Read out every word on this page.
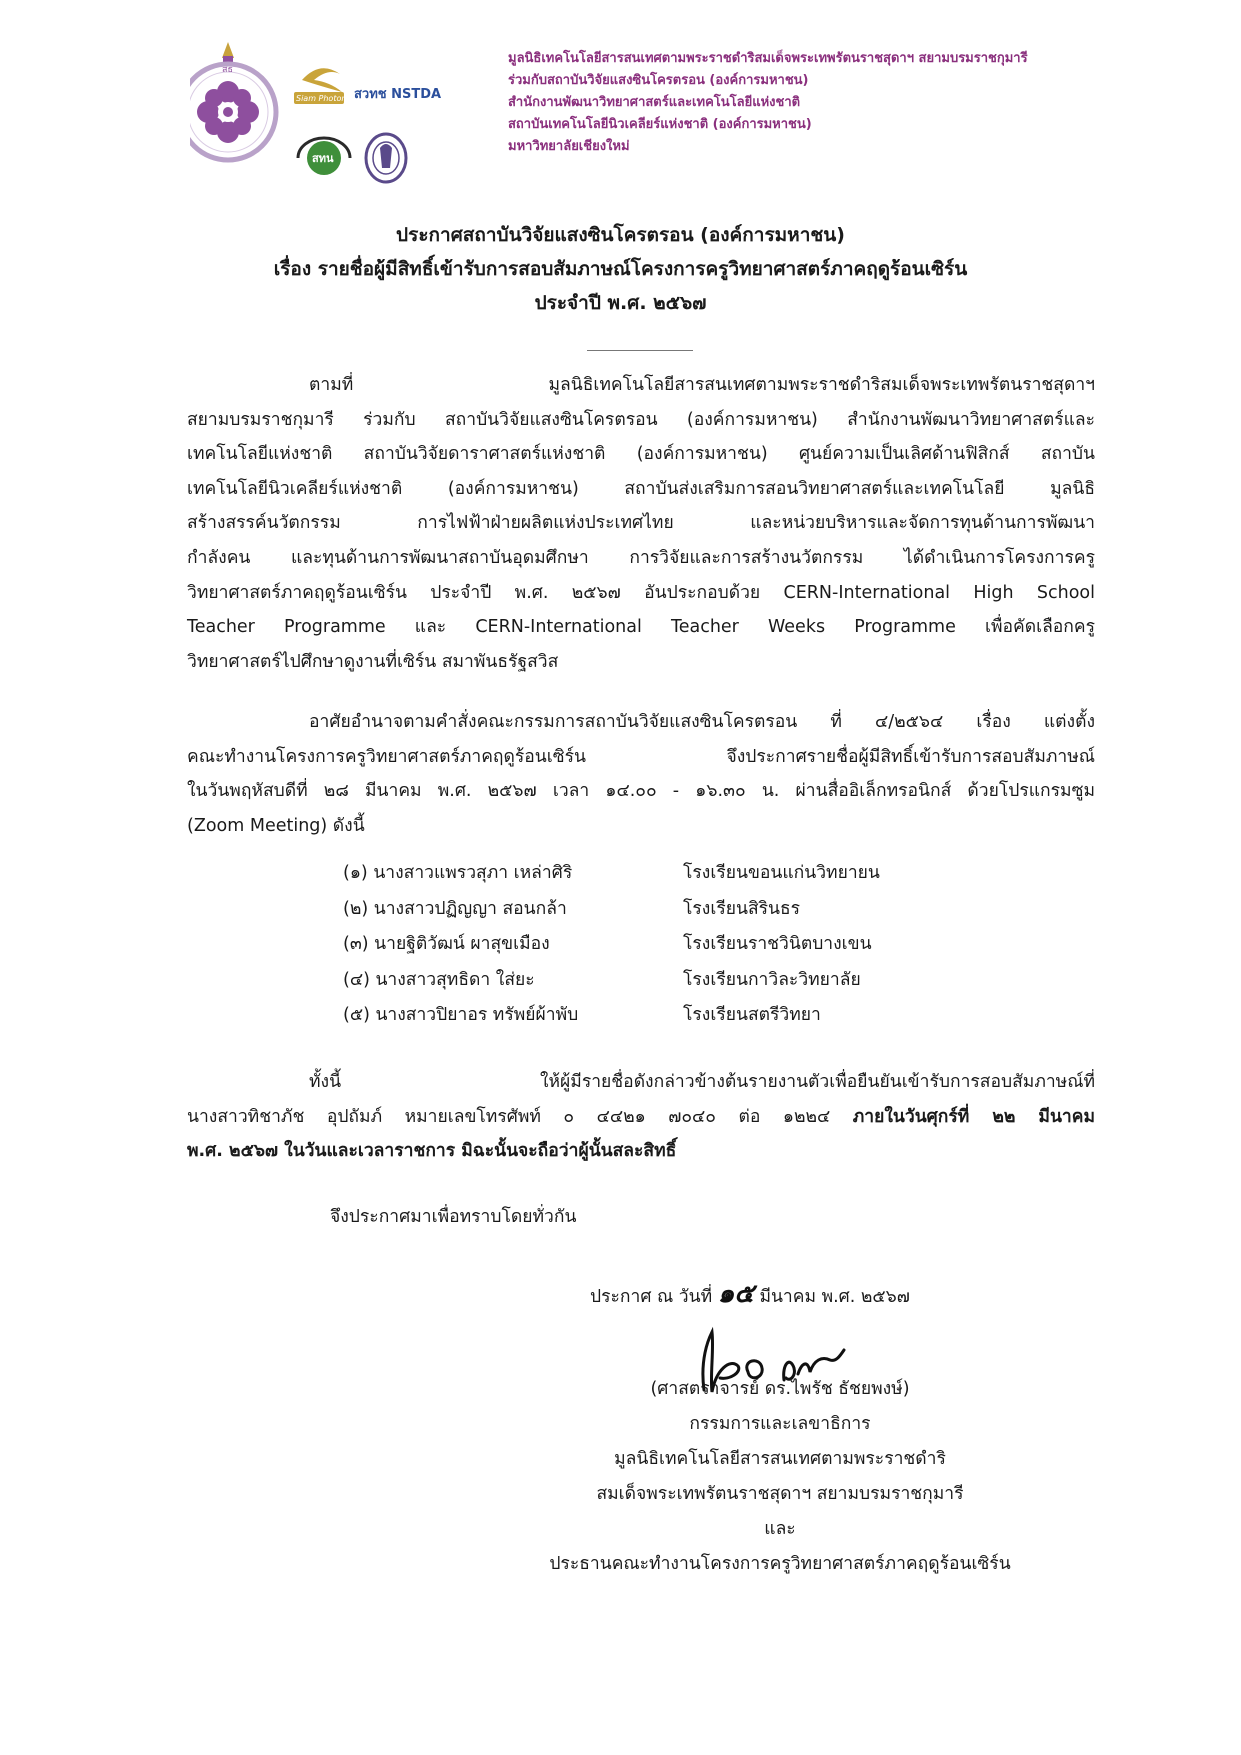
สธ
Siam Photon สวทช NSTDA
สทน
มูลนิธิเทคโนโลยีสารสนเทศตามพระราชดำริสมเด็จพระเทพรัตนราชสุดาฯ สยามบรมราชกุมารี
ร่วมกับสถาบันวิจัยแสงซินโครตรอน (องค์การมหาชน)
สำนักงานพัฒนาวิทยาศาสตร์และเทคโนโลยีแห่งชาติ
สถาบันเทคโนโลยีนิวเคลียร์แห่งชาติ (องค์การมหาชน)
มหาวิทยาลัยเชียงใหม่
ประกาศสถาบันวิจัยแสงซินโครตรอน (องค์การมหาชน)
เรื่อง รายชื่อผู้มีสิทธิ์เข้ารับการสอบสัมภาษณ์โครงการครูวิทยาศาสตร์ภาคฤดูร้อนเซิร์น
ประจำปี พ.ศ. ๒๕๖๗
ตามที่ มูลนิธิเทคโนโลยีสารสนเทศตามพระราชดำริสมเด็จพระเทพรัตนราชสุดาฯ
สยามบรมราชกุมารี ร่วมกับ สถาบันวิจัยแสงซินโครตรอน (องค์การมหาชน) สำนักงานพัฒนาวิทยาศาสตร์และ
เทคโนโลยีแห่งชาติ สถาบันวิจัยดาราศาสตร์แห่งชาติ (องค์การมหาชน) ศูนย์ความเป็นเลิศด้านฟิสิกส์ สถาบัน
เทคโนโลยีนิวเคลียร์แห่งชาติ (องค์การมหาชน) สถาบันส่งเสริมการสอนวิทยาศาสตร์และเทคโนโลยี มูลนิธิ
สร้างสรรค์นวัตกรรม การไฟฟ้าฝ่ายผลิตแห่งประเทศไทย และหน่วยบริหารและจัดการทุนด้านการพัฒนา
กำลังคน และทุนด้านการพัฒนาสถาบันอุดมศึกษา การวิจัยและการสร้างนวัตกรรม ได้ดำเนินการโครงการครู
วิทยาศาสตร์ภาคฤดูร้อนเซิร์น ประจำปี พ.ศ. ๒๕๖๗ อันประกอบด้วย CERN-International High School
Teacher Programme และ CERN-International Teacher Weeks Programme เพื่อคัดเลือกครู
วิทยาศาสตร์ไปศึกษาดูงานที่เซิร์น สมาพันธรัฐสวิส
อาศัยอำนาจตามคำสั่งคณะกรรมการสถาบันวิจัยแสงซินโครตรอน ที่ ๔/๒๕๖๔ เรื่อง แต่งตั้ง
คณะทำงานโครงการครูวิทยาศาสตร์ภาคฤดูร้อนเซิร์น จึงประกาศรายชื่อผู้มีสิทธิ์เข้ารับการสอบสัมภาษณ์
ในวันพฤหัสบดีที่ ๒๘ มีนาคม พ.ศ. ๒๕๖๗ เวลา ๑๔.๐๐ - ๑๖.๓๐ น. ผ่านสื่ออิเล็กทรอนิกส์ ด้วยโปรแกรมซูม
(Zoom Meeting) ดังนี้
(๑) นางสาวแพรวสุภา เหล่าศิริ	โรงเรียนขอนแก่นวิทยายน
(๒) นางสาวปฏิญญา สอนกล้า	โรงเรียนสิรินธร
(๓) นายฐิติวัฒน์ ผาสุขเมือง	โรงเรียนราชวินิตบางเขน
(๔) นางสาวสุทธิดา ใส่ยะ	โรงเรียนกาวิละวิทยาลัย
(๕) นางสาวปิยาอร ทรัพย์ผ้าพับ	โรงเรียนสตรีวิทยา
ทั้งนี้ ให้ผู้มีรายชื่อดังกล่าวข้างต้นรายงานตัวเพื่อยืนยันเข้ารับการสอบสัมภาษณ์ที่
นางสาวทิชาภัช อุปถัมภ์ หมายเลขโทรศัพท์ ๐ ๔๔๒๑ ๗๐๔๐ ต่อ ๑๒๒๔ ภายในวันศุกร์ที่ ๒๒ มีนาคม
พ.ศ. ๒๕๖๗ ในวันและเวลาราชการ มิฉะนั้นจะถือว่าผู้นั้นสละสิทธิ์
จึงประกาศมาเพื่อทราบโดยทั่วกัน
ประกาศ ณ วันที่ ๑๕ มีนาคม พ.ศ. ๒๕๖๗
(ศาสตราจารย์ ดร.ไพรัช ธัชยพงษ์)
กรรมการและเลขาธิการ
มูลนิธิเทคโนโลยีสารสนเทศตามพระราชดำริ
สมเด็จพระเทพรัตนราชสุดาฯ สยามบรมราชกุมารี
และ
ประธานคณะทำงานโครงการครูวิทยาศาสตร์ภาคฤดูร้อนเซิร์น
